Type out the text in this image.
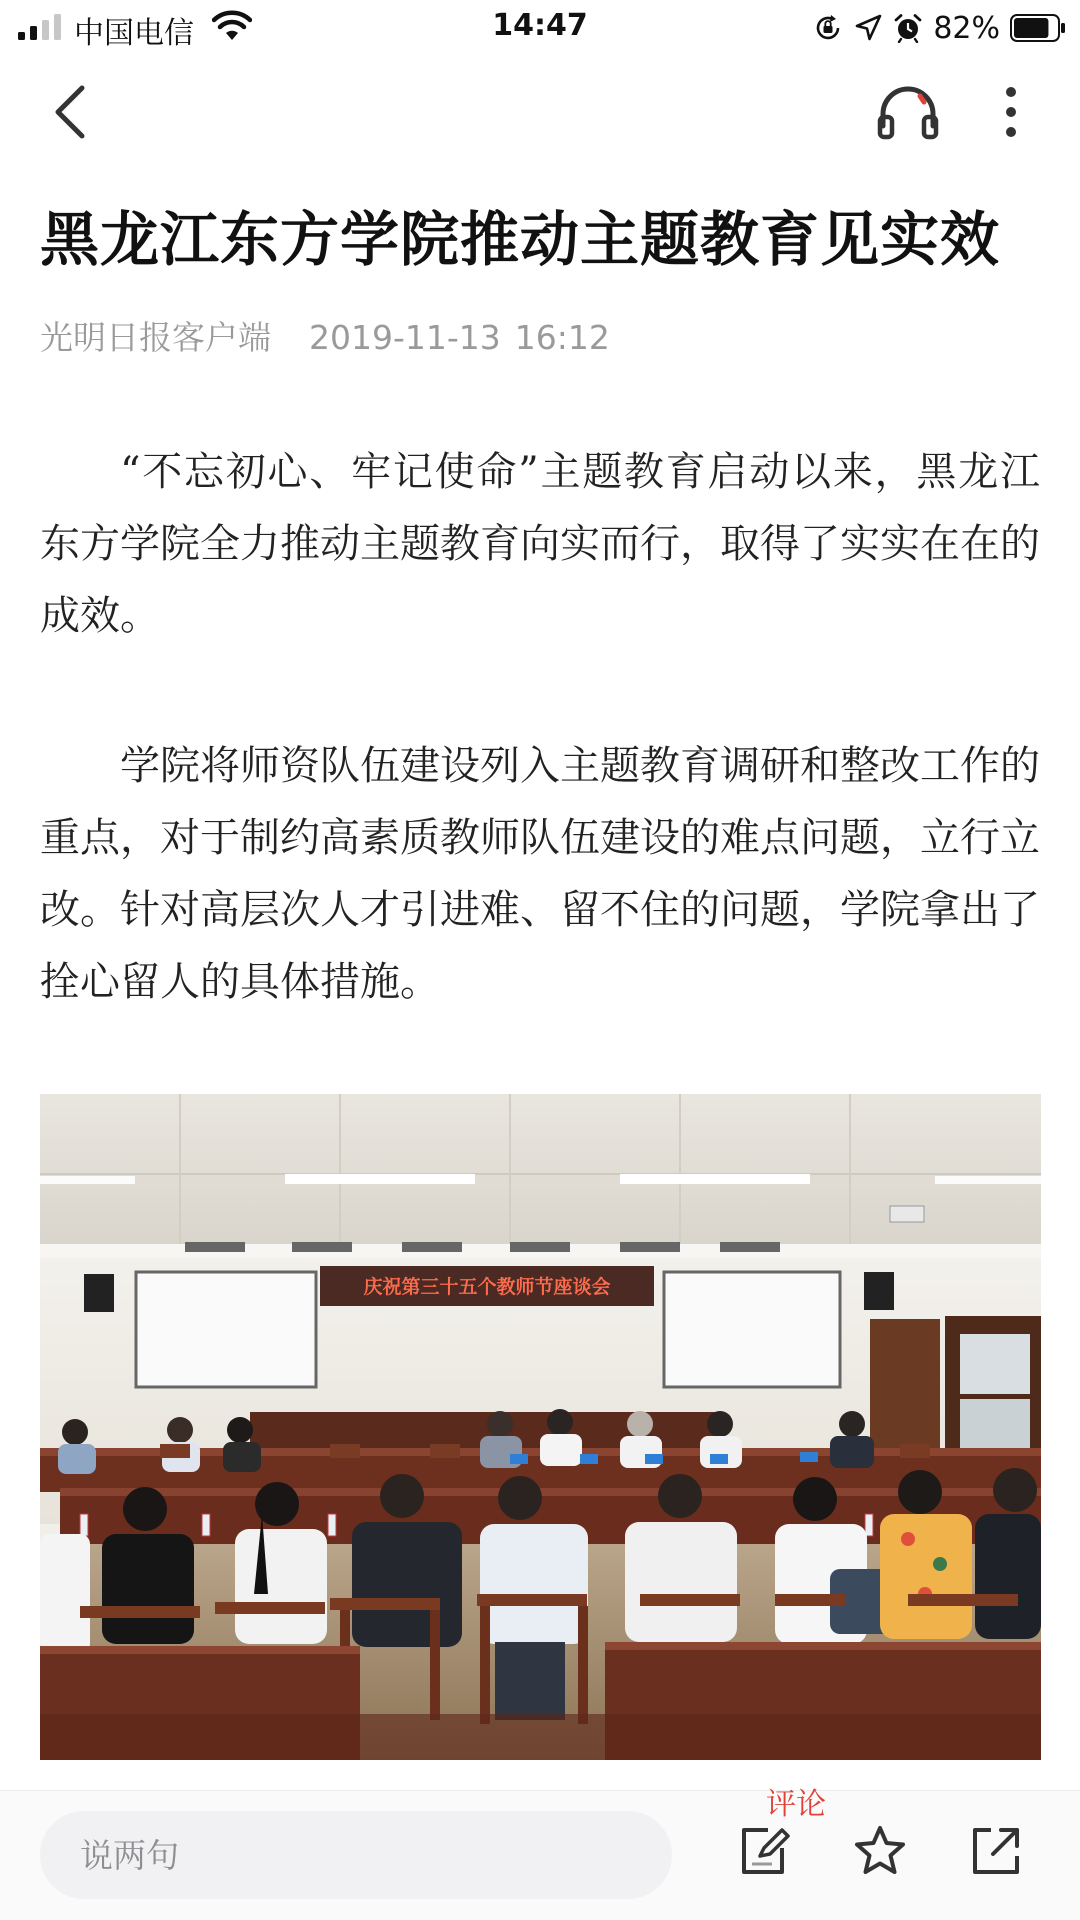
中国电信	14:47	82%
黑龙江东方学院推动主题教育见实效
光明日报客户端 2019-11-13 16:12

“不忘初心、牢记使命”主题教育启动以来，黑龙江东方学院全力推动主题教育向实而行，取得了实实在在的成效。

学院将师资队伍建设列入主题教育调研和整改工作的重点，对于制约高素质教师队伍建设的难点问题，立行立改。针对高层次人才引进难、留不住的问题，学院拿出了拴心留人的具体措施。

庆祝第三十五个教师节座谈会
说两句
评论
